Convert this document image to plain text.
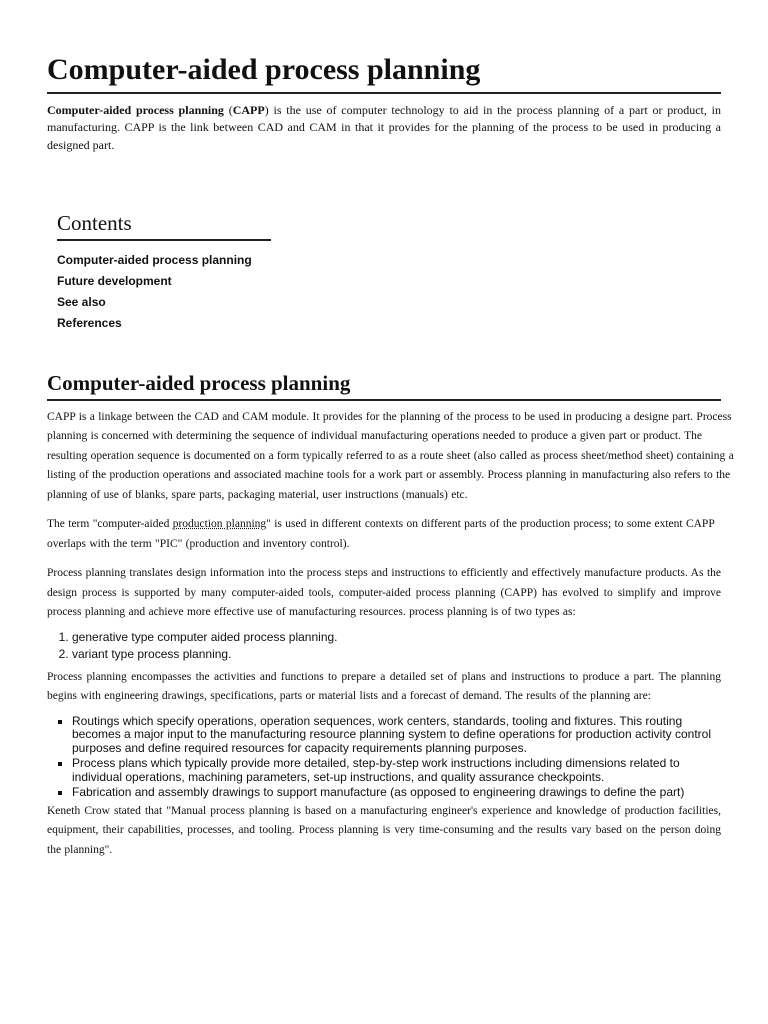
Computer-aided process planning

Computer-aided process planning (CAPP) is the use of computer technology to aid in the process planning of a part or product, in manufacturing. CAPP is the link between CAD and CAM in that it provides for the planning of the process to be used in producing a designed part.

Contents
Computer-aided process planning
Future development
See also
References
Computer-aided process planning

CAPP is a linkage between the CAD and CAM module. It provides for the planning of the process to be used in producing a designe part. Process planning is concerned with determining the sequence of individual manufacturing operations needed to produce a given part or product. The resulting operation sequence is documented on a form typically referred to as a route sheet (also called as process sheet/method sheet) containing a listing of the production operations and associated machine tools for a work part or assembly. Process planning in manufacturing also refers to the planning of use of blanks, spare parts, packaging material, user instructions (manuals) etc.

The term "computer-aided production planning" is used in different contexts on different parts of the production process; to some extent CAPP overlaps with the term "PIC" (production and inventory control).

Process planning translates design information into the process steps and instructions to efficiently and effectively manufacture products. As the design process is supported by many computer-aided tools, computer-aided process planning (CAPP) has evolved to simplify and improve process planning and achieve more effective use of manufacturing resources. process planning is of two types as:

1. generative type computer aided process planning.
2. variant type process planning.

Process planning encompasses the activities and functions to prepare a detailed set of plans and instructions to produce a part. The planning begins with engineering drawings, specifications, parts or material lists and a forecast of demand. The results of the planning are:

▪ Routings which specify operations, operation sequences, work centers, standards, tooling and fixtures. This routing becomes a major input to the manufacturing resource planning system to define operations for production activity control purposes and define required resources for capacity requirements planning purposes.
▪ Process plans which typically provide more detailed, step-by-step work instructions including dimensions related to individual operations, machining parameters, set-up instructions, and quality assurance checkpoints.
▪ Fabrication and assembly drawings to support manufacture (as opposed to engineering drawings to define the part)

Keneth Crow stated that "Manual process planning is based on a manufacturing engineer's experience and knowledge of production facilities, equipment, their capabilities, processes, and tooling. Process planning is very time-consuming and the results vary based on the person doing the planning".
